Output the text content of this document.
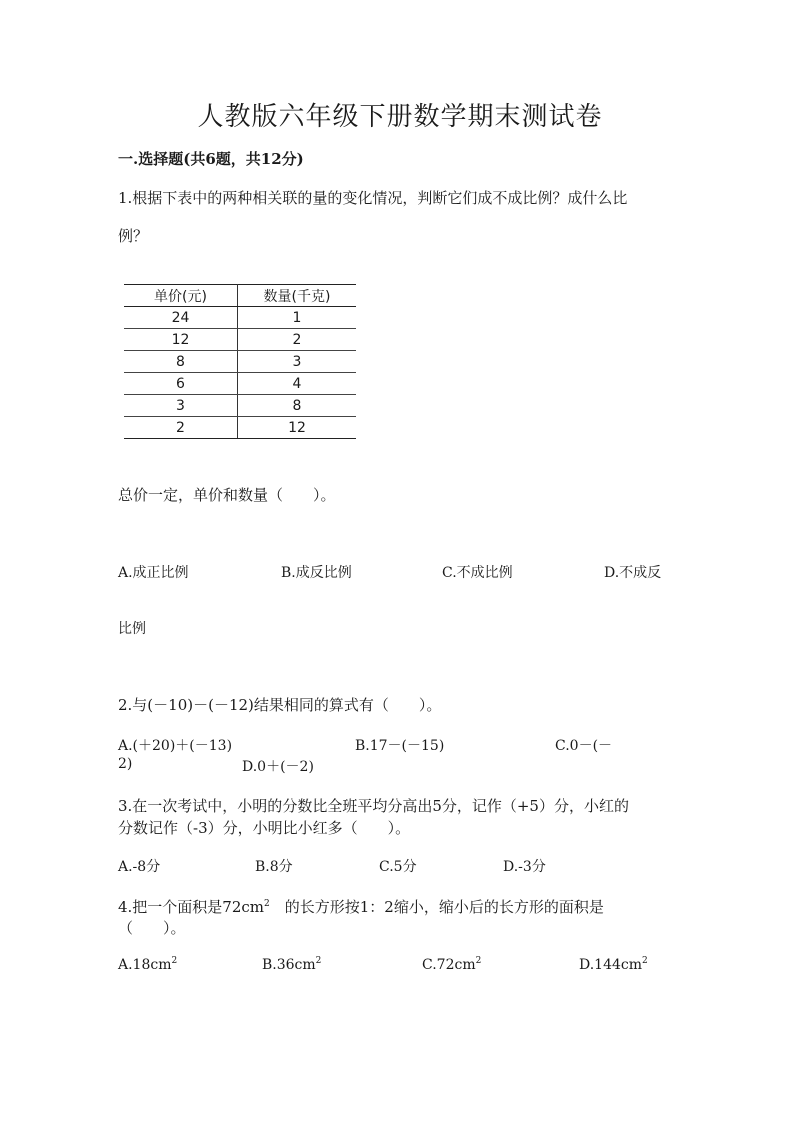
人教版六年级下册数学期末测试卷
一.选择题(共6题，共12分)
1.根据下表中的两种相关联的量的变化情况，判断它们成不成比例？成什么比
例？
单价(元)	数量(千克)
24	1
12	2
8	3
6	4
3	8
2	12
总价一定，单价和数量（　　）。
A.成正比例	B.成反比例	C.不成比例	D.不成反
比例
2.与(－10)－(－12)结果相同的算式有（　　）。
A.(＋20)＋(－13)	B.17－(－15)	C.0－(－
2)	D.0＋(－2)
3.在一次考试中，小明的分数比全班平均分高出5分，记作（+5）分，小红的
分数记作（-3）分，小明比小红多（　　）。
A.-8分	B.8分	C.5分	D.-3分
4.把一个面积是$72cm^2$　的长方形按1：2缩小，缩小后的长方形的面积是
（　　）。
$A.18cm^2$	$B.36cm^2$	$C.72cm^2$	$D.144cm^2$
